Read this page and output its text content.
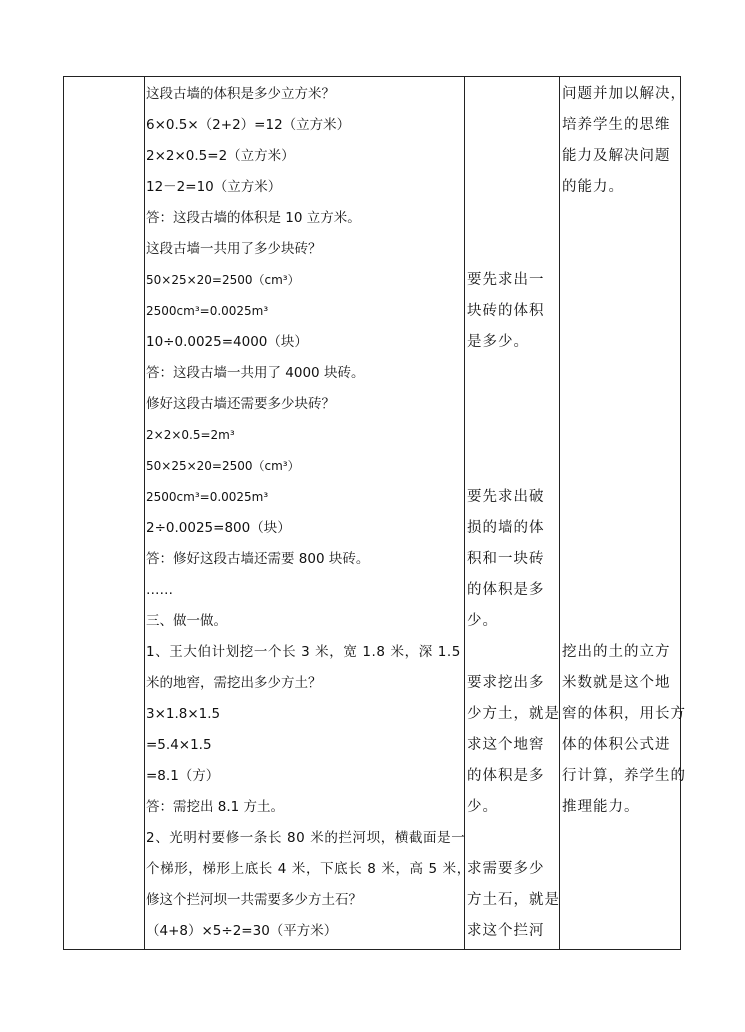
这段古墙的体积是多少立方米？
6×0.5×（2+2）=12（立方米）
2×2×0.5=2（立方米）
12－2=10（立方米）
答：这段古墙的体积是 10 立方米。
这段古墙一共用了多少块砖？
50×25×20=2500（cm³）
2500cm³=0.0025m³
10÷0.0025=4000（块）
答：这段古墙一共用了 4000 块砖。
修好这段古墙还需要多少块砖？
2×2×0.5=2m³
50×25×20=2500（cm³）
2500cm³=0.0025m³
2÷0.0025=800（块）
答：修好这段古墙还需要 800 块砖。
……
三、做一做。
1、王大伯计划挖一个长 3 米，宽 1.8 米，深 1.5
米的地窖，需挖出多少方土？
3×1.8×1.5
=5.4×1.5
=8.1（方）
答：需挖出 8.1 方土。
2、光明村要修一条长 80 米的拦河坝，横截面是一
个梯形，梯形上底长 4 米，下底长 8 米，高 5 米，
修这个拦河坝一共需要多少方土石？
（4+8）×5÷2=30（平方米）
要先求出一
块砖的体积
是多少。
要先求出破
损的墙的体
积和一块砖
的体积是多
少。
要求挖出多
少方土，就是
求这个地窖
的体积是多
少。
求需要多少
方土石，就是
求这个拦河
问题并加以解决，
培养学生的思维
能力及解决问题
的能力。
挖出的土的立方
米数就是这个地
窖的体积，用长方
体的体积公式进
行计算，养学生的
推理能力。
